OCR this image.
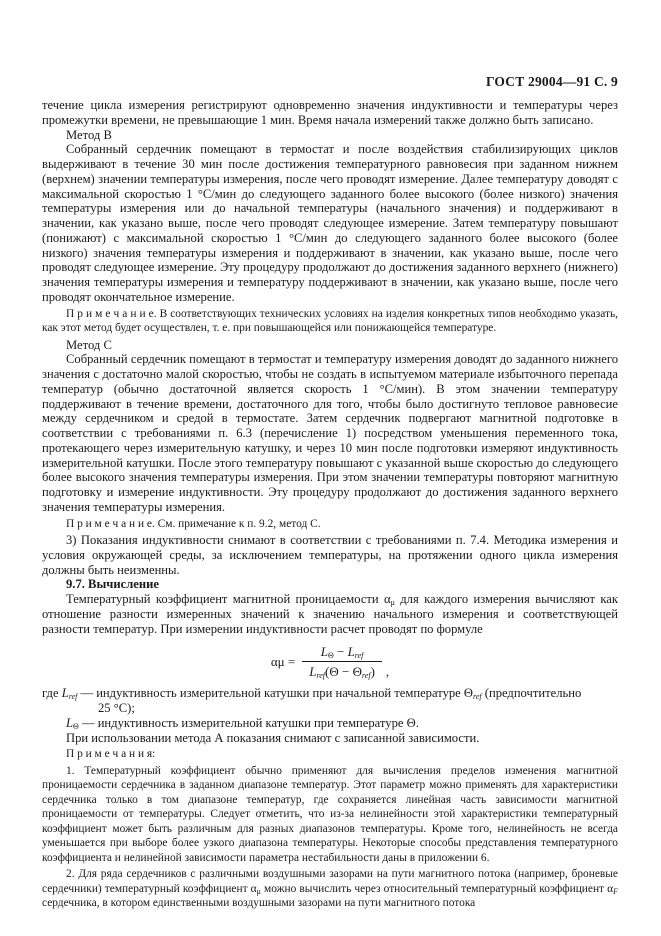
ГОСТ 29004—91 С. 9

течение цикла измерения регистрируют одновременно значения индуктивности и температуры через промежутки времени, не превышающие 1 мин. Время начала измерений также должно быть записано.

Метод В

Собранный сердечник помещают в термостат и после воздействия стабилизирующих циклов выдерживают в течение 30 мин после достижения температурного равновесия при заданном нижнем (верхнем) значении температуры измерения, после чего проводят измерение. Далее температуру доводят с максимальной скоростью 1 °С/мин до следующего заданного более высокого (более низкого) значения температуры измерения или до начальной температуры (начального значения) и поддерживают в значении, как указано выше, после чего проводят следующее измерение. Затем температуру повышают (понижают) с максимальной скоростью 1 °С/мин до следующего заданного более высокого (более низкого) значения температуры измерения и поддерживают в значении, как указано выше, после чего проводят следующее измерение. Эту процедуру продолжают до достижения заданного верхнего (нижнего) значения температуры измерения и температуру поддерживают в значении, как указано выше, после чего проводят окончательное измерение.

П р и м е ч а н и е. В соответствующих технических условиях на изделия конкретных типов необходимо указать, как этот метод будет осуществлен, т. е. при повышающейся или понижающейся температуре.

Метод С

Собранный сердечник помещают в термостат и температуру измерения доводят до заданного нижнего значения с достаточно малой скоростью, чтобы не создать в испытуемом материале избыточного перепада температур (обычно достаточной является скорость 1 °С/мин). В этом значении температуру поддерживают в течение времени, достаточного для того, чтобы было достигнуто тепловое равновесие между сердечником и средой в термостате. Затем сердечник подвергают магнитной подготовке в соответствии с требованиями п. 6.3 (перечисление 1) посредством уменьшения переменного тока, протекающего через измерительную катушку, и через 10 мин после подготовки измеряют индуктивность измерительной катушки. После этого температуру повышают с указанной выше скоростью до следующего более высокого значения температуры измерения. При этом значении температуры повторяют магнитную подготовку и измерение индуктивности. Эту процедуру продолжают до достижения заданного верхнего значения температуры измерения.

П р и м е ч а н и е. См. примечание к п. 9.2, метод С.

3) Показания индуктивности снимают в соответствии с требованиями п. 7.4. Методика измерения и условия окружающей среды, за исключением температуры, на протяжении одного цикла измерения должны быть неизменны.

9.7. Вычисление

Температурный коэффициент магнитной проницаемости $\alpha_\mu$ для каждого измерения вычисляют как отношение разности измеренных значений к значению начального измерения и соответствующей разности температур. При измерении индуктивности расчет проводят по формуле

$\alpha\mu = \frac{L_\Theta - L_{ref}}{L_{ref}(\Theta - \Theta_{ref})}$ ,

где $L_{ref}$ — индуктивность измерительной катушки при начальной температуре $\Theta_{ref}$ (предпочтительно
25 °С);

$L_\Theta$ — индуктивность измерительной катушки при температуре Θ.

При использовании метода А показания снимают с записанной зависимости.

П р и м е ч а н и я:

1. Температурный коэффициент обычно применяют для вычисления пределов изменения магнитной проницаемости сердечника в заданном диапазоне температур. Этот параметр можно применять для характеристики сердечника только в том диапазоне температур, где сохраняется линейная часть зависимости магнитной проницаемости от температуры. Следует отметить, что из-за нелинейности этой характеристики температурный коэффициент может быть различным для разных диапазонов температуры. Кроме того, нелинейность не всегда уменьшается при выборе более узкого диапазона температуры. Некоторые способы представления температурного коэффициента и нелинейной зависимости параметра нестабильности даны в приложении 6.

2. Для ряда сердечников с различными воздушными зазорами на пути магнитного потока (например, броневые сердечники) температурный коэффициент $\alpha_\mu$ можно вычислить через относительный температурный коэффициент $\alpha_F$ сердечника, в котором единственными воздушными зазорами на пути магнитного потока
